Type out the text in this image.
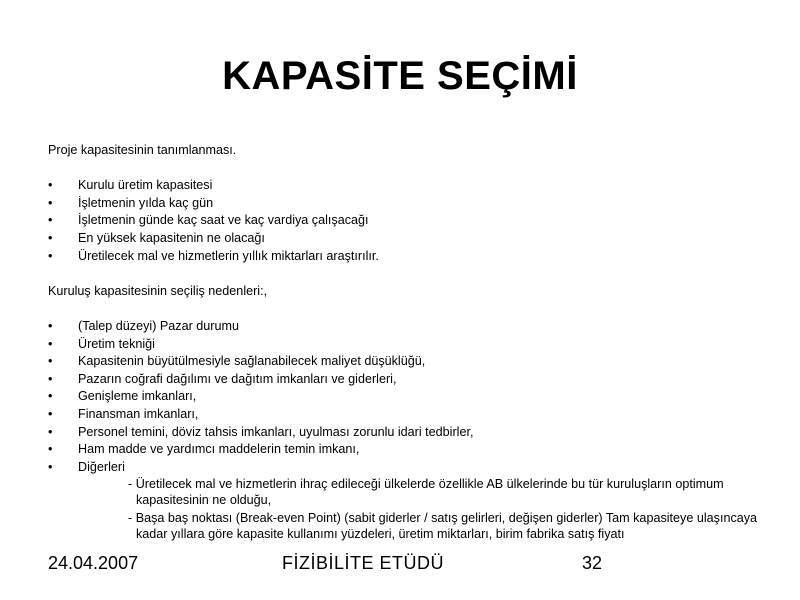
KAPASİTE SEÇİMİ

Proje kapasitesinin tanımlanması.

• Kurulu üretim kapasitesi
• İşletmenin yılda kaç gün
• İşletmenin günde kaç saat ve kaç vardiya çalışacağı
• En yüksek kapasitenin ne olacağı
• Üretilecek mal ve hizmetlerin yıllık miktarları araştırılır.

Kuruluş kapasitesinin seçiliş nedenleri:,

• (Talep düzeyi) Pazar durumu
• Üretim tekniği
• Kapasitenin büyütülmesiyle sağlanabilecek maliyet düşüklüğü,
• Pazarın coğrafi dağılımı ve dağıtım imkanları ve giderleri,
• Genişleme imkanları,
• Finansman imkanları,
• Personel temini, döviz tahsis imkanları, uyulması zorunlu idari tedbirler,
• Ham madde ve yardımcı maddelerin temin imkanı,
• Diğerleri
- Üretilecek mal ve hizmetlerin ihraç edileceği ülkelerde özellikle AB ülkelerinde bu tür kuruluşların optimum kapasitesinin ne olduğu,
- Başa baş noktası (Break-even Point) (sabit giderler / satış gelirleri, değişen giderler) Tam kapasiteye ulaşıncaya kadar yıllara göre kapasite kullanımı yüzdeleri, üretim miktarları, birim fabrika satış fiyatı
24.04.2007	FİZİBİLİTE ETÜDÜ	32
